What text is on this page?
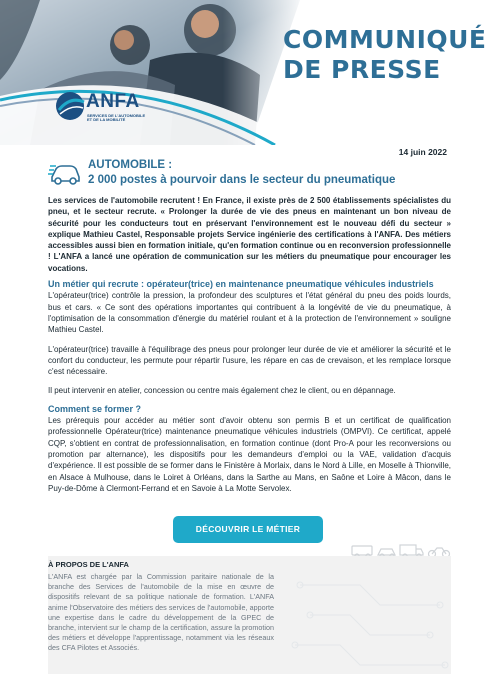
COMMUNIQUÉ
DE PRESSE
ANFA
SERVICES DE L'AUTOMOBILE
ET DE LA MOBILITÉ
14 juin 2022
AUTOMOBILE :
2 000 postes à pourvoir dans le secteur du pneumatique

Les services de l'automobile recrutent ! En France, il existe près de 2 500 établissements spécialistes du pneu, et le secteur recrute. « Prolonger la durée de vie des pneus en maintenant un bon niveau de sécurité pour les conducteurs tout en préservant l'environnement est le nouveau défi du secteur » explique Mathieu Castel, Responsable projets Service ingénierie des certifications à l'ANFA. Des métiers accessibles aussi bien en formation initiale, qu'en formation continue ou en reconversion professionnelle ! L'ANFA a lancé une opération de communication sur les métiers du pneumatique pour encourager les vocations.

Un métier qui recrute : opérateur(trice) en maintenance pneumatique véhicules industriels

L'opérateur(trice) contrôle la pression, la profondeur des sculptures et l'état général du pneu des poids lourds, bus et cars. « Ce sont des opérations importantes qui contribuent à la longévité de vie du pneumatique, à l'optimisation de la consommation d'énergie du matériel roulant et à la protection de l'environnement » souligne Mathieu Castel.

L'opérateur(trice) travaille à l'équilibrage des pneus pour prolonger leur durée de vie et améliorer la sécurité et le confort du conducteur, les permute pour répartir l'usure, les répare en cas de crevaison, et les remplace lorsque c'est nécessaire.

Il peut intervenir en atelier, concession ou centre mais également chez le client, ou en dépannage.

Comment se former ?

Les prérequis pour accéder au métier sont d'avoir obtenu son permis B et un certificat de qualification professionnelle Opérateur(trice) maintenance pneumatique véhicules industriels (OMPVI). Ce certificat, appelé CQP, s'obtient en contrat de professionnalisation, en formation continue (dont Pro-A pour les reconversions ou promotion par alternance), les dispositifs pour les demandeurs d'emploi ou la VAE, validation d'acquis d'expérience. Il est possible de se former dans le Finistère à Morlaix, dans le Nord à Lille, en Moselle à Thionville, en Alsace à Mulhouse, dans le Loiret à Orléans, dans la Sarthe au Mans, en Saône et Loire à Mâcon, dans le Puy-de-Dôme à Clermont-Ferrand et en Savoie à La Motte Servolex.

DÉCOUVRIR LE MÉTIER
À PROPOS DE L'ANFA
L'ANFA est chargée par la Commission paritaire nationale de la branche des Services de l'automobile de la mise en œuvre de dispositifs relevant de sa politique nationale de formation. L'ANFA anime l'Observatoire des métiers des services de l'automobile, apporte une expertise dans le cadre du développement de la GPEC de branche, intervient sur le champ de la certification, assure la promotion des métiers et développe l'apprentissage, notamment via les réseaux des CFA Pilotes et Associés.
